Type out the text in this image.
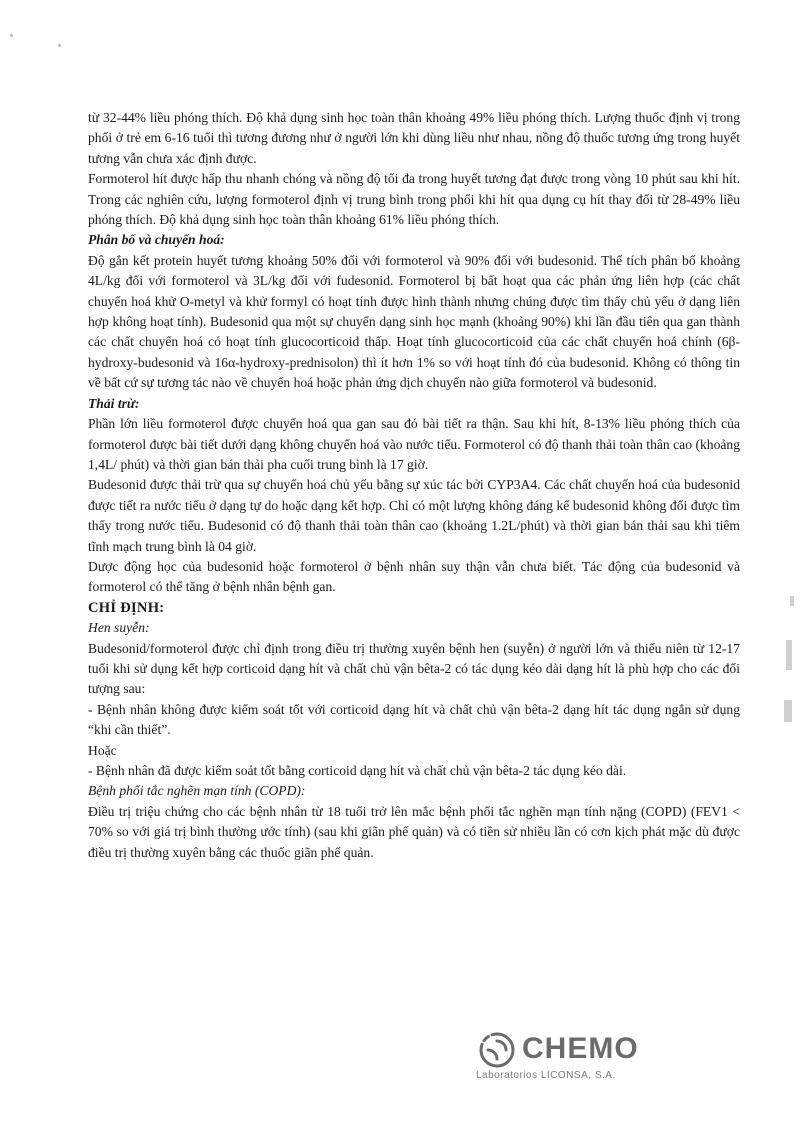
từ 32-44% liều phóng thích. Độ khả dụng sinh học toàn thân khoảng 49% liều phóng thích. Lượng thuốc định vị trong phổi ở trẻ em 6-16 tuổi thì tương đương như ở người lớn khi dùng liều như nhau, nồng độ thuốc tương ứng trong huyết tương vẫn chưa xác định được.

Formoterol hít được hấp thu nhanh chóng và nồng độ tối đa trong huyết tương đạt được trong vòng 10 phút sau khi hít. Trong các nghiên cứu, lượng formoterol định vị trung bình trong phổi khi hít qua dụng cụ hít thay đổi từ 28-49% liều phóng thích. Độ khả dụng sinh học toàn thân khoảng 61% liều phóng thích.

Phân bố và chuyển hoá:

Độ gắn kết protein huyết tương khoảng 50% đối với formoterol và 90% đối với budesonid. Thể tích phân bố khoảng 4L/kg đối với formoterol và 3L/kg đối với fudesonid. Formoterol bị bất hoạt qua các phản ứng liên hợp (các chất chuyển hoá khử O-metyl và khử formyl có hoạt tính được hình thành nhưng chúng được tìm thấy chủ yếu ở dạng liên hợp không hoạt tính). Budesonid qua một sự chuyển dạng sinh học mạnh (khoảng 90%) khi lần đầu tiên qua gan thành các chất chuyển hoá có hoạt tính glucocorticoid thấp. Hoạt tính glucocorticoid của các chất chuyển hoá chính (6β-hydroxy-budesonid và 16α-hydroxy-prednisolon) thì ít hơn 1% so với hoạt tính đó của budesonid. Không có thông tin về bất cứ sự tương tác nào về chuyển hoá hoặc phản ứng dịch chuyển nào giữa formoterol và budesonid.

Thải trừ:

Phần lớn liều formoterol được chuyển hoá qua gan sau đó bài tiết ra thận. Sau khi hít, 8-13% liều phóng thích của formoterol được bài tiết dưới dạng không chuyển hoá vào nước tiểu. Formoterol có độ thanh thải toàn thân cao (khoảng 1,4L/ phút) và thời gian bán thải pha cuối trung bình là 17 giờ.

Budesonid được thải trừ qua sự chuyển hoá chủ yếu bằng sự xúc tác bởi CYP3A4. Các chất chuyển hoá của budesonid được tiết ra nước tiểu ở dạng tự do hoặc dạng kết hợp. Chỉ có một lượng không đáng kể budesonid không đổi được tìm thấy trong nước tiểu. Budesonid có độ thanh thải toàn thân cao (khoảng 1.2L/phút) và thời gian bán thải sau khi tiêm tĩnh mạch trung bình là 04 giờ.

Dược động học của budesonid hoặc formoterol ở bệnh nhân suy thận vẫn chưa biết. Tác động của budesonid và formoterol có thể tăng ở bệnh nhân bệnh gan.

CHỈ ĐỊNH:

Hen suyễn:

Budesonid/formoterol được chỉ định trong điều trị thường xuyên bệnh hen (suyễn) ở người lớn và thiếu niên từ 12-17 tuổi khi sử dụng kết hợp corticoid dạng hít và chất chủ vận bêta-2 có tác dụng kéo dài dạng hít là phù hợp cho các đối tượng sau:

- Bệnh nhân không được kiểm soát tốt với corticoid dạng hít và chất chủ vận bêta-2 dạng hít tác dụng ngắn sử dụng “khi cần thiết”.

Hoặc

- Bệnh nhân đã được kiểm soát tốt bằng corticoid dạng hít và chất chủ vận bêta-2 tác dụng kéo dài.

Bệnh phổi tắc nghẽn mạn tính (COPD):

Điều trị triệu chứng cho các bệnh nhân từ 18 tuổi trở lên mắc bệnh phổi tắc nghẽn mạn tính nặng (COPD) (FEV1 < 70% so với giá trị bình thường ước tính) (sau khi giãn phế quản) và có tiền sử nhiều lần có cơn kịch phát mặc dù được điều trị thường xuyên bằng các thuốc giãn phế quản.

CHEMO
Laboratorios LICONSA, S.A.
